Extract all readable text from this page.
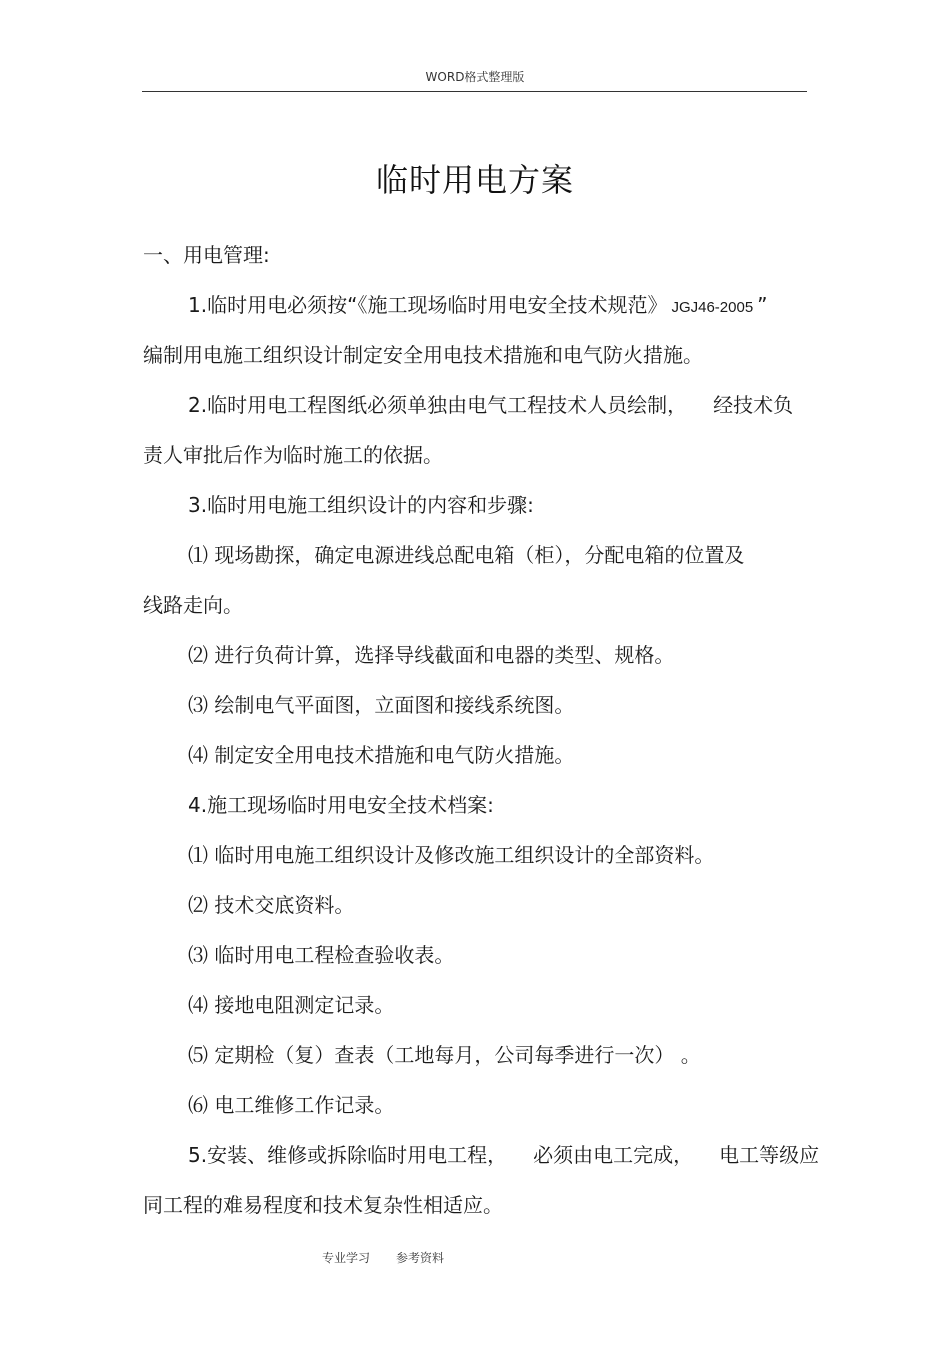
WORD格式整理版
临时用电方案
一、用电管理:
1.临时用电必须按“《施工现场临时用电安全技术规范》 JGJ46-2005 ”
编制用电施工组织设计制定安全用电技术措施和电气防火措施。
2.临时用电工程图纸必须单独由电气工程技术人员绘制， 经技术负
责人审批后作为临时施工的依据。
3.临时用电施工组织设计的内容和步骤:
⑴ 现场勘探，确定电源进线总配电箱（柜），分配电箱的位置及
线路走向。
⑵ 进行负荷计算，选择导线截面和电器的类型、规格。
⑶ 绘制电气平面图，立面图和接线系统图。
⑷ 制定安全用电技术措施和电气防火措施。
4.施工现场临时用电安全技术档案:
⑴ 临时用电施工组织设计及修改施工组织设计的全部资料。
⑵ 技术交底资料。
⑶ 临时用电工程检查验收表。
⑷ 接地电阻测定记录。
⑸ 定期检（复）查表（工地每月，公司每季进行一次） 。
⑹ 电工维修工作记录。
5.安装、维修或拆除临时用电工程， 必须由电工完成， 电工等级应
同工程的难易程度和技术复杂性相适应。
专业学习 参考资料
